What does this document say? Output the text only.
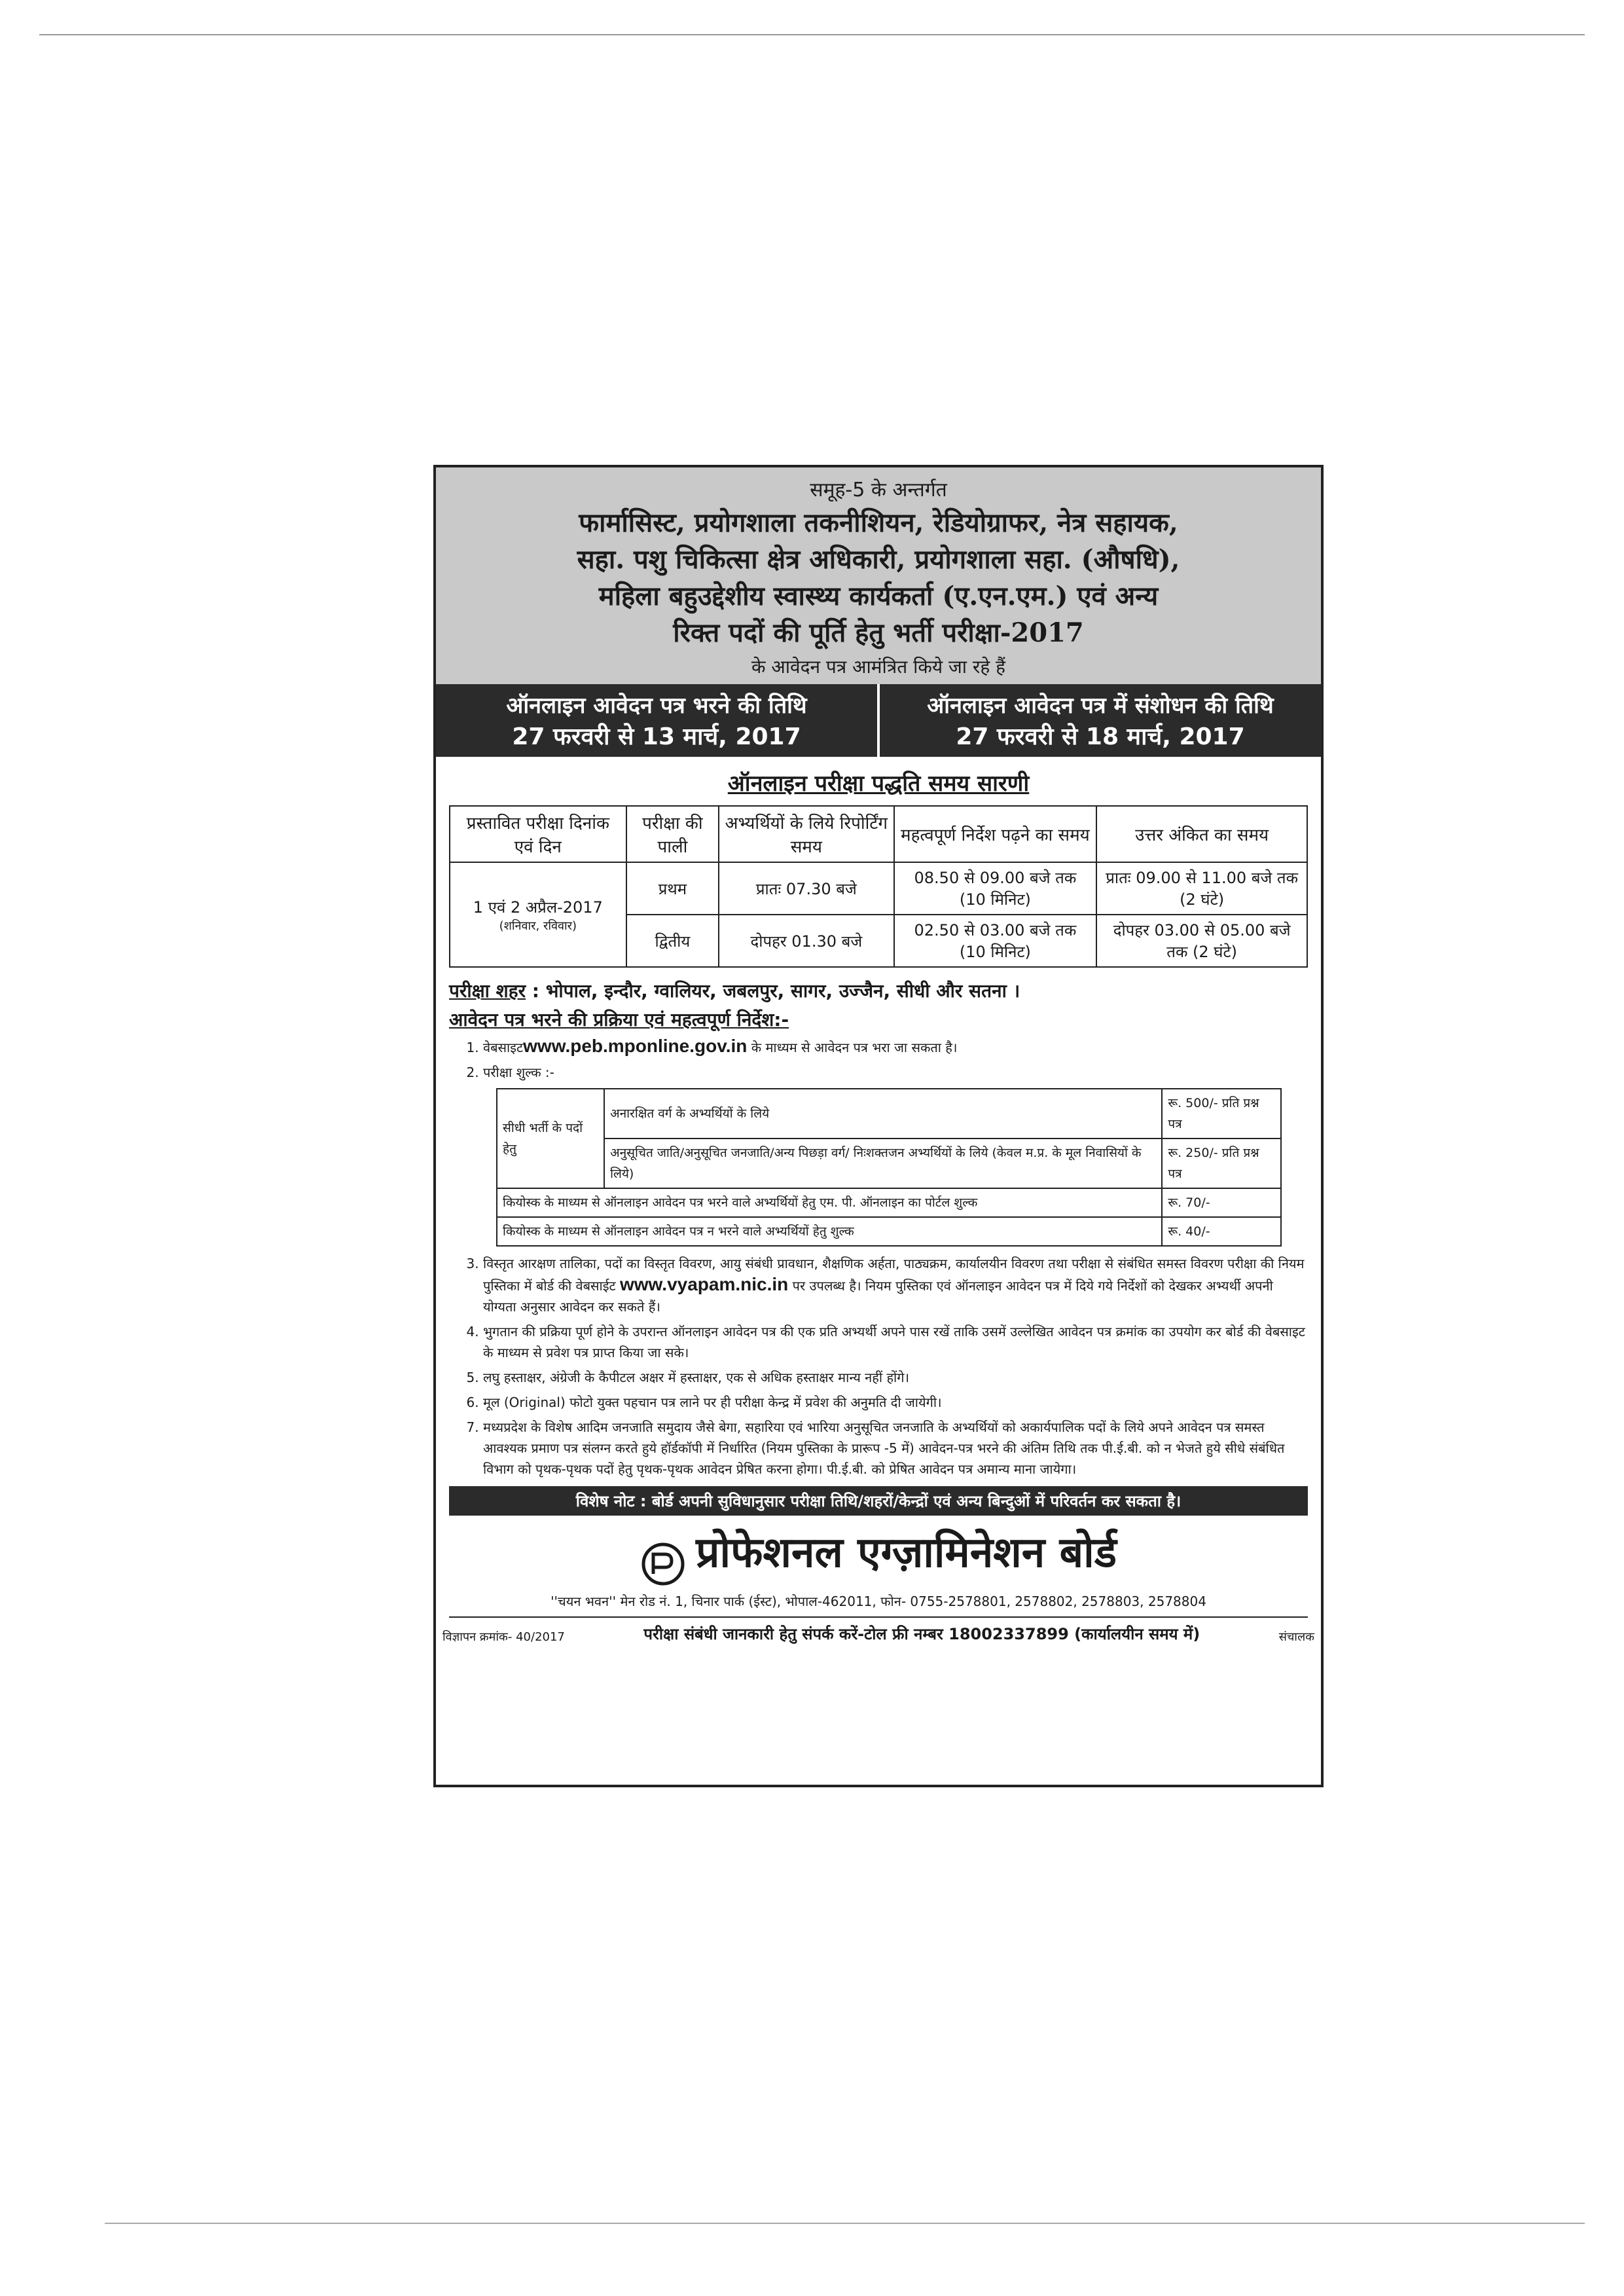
समूह-5 के अन्तर्गत
फार्मासिस्ट, प्रयोगशाला तकनीशियन, रेडियोग्राफर, नेत्र सहायक,
सहा. पशु चिकित्सा क्षेत्र अधिकारी, प्रयोगशाला सहा. (औषधि),
महिला बहुउद्देशीय स्वास्थ्य कार्यकर्ता (ए.एन.एम.) एवं अन्य
रिक्त पदों की पूर्ति हेतु भर्ती परीक्षा-2017
के आवेदन पत्र आमंत्रित किये जा रहे हैं
ऑनलाइन आवेदन पत्र भरने की तिथि
27 फरवरी से 13 मार्च, 2017
ऑनलाइन आवेदन पत्र में संशोधन की तिथि
27 फरवरी से 18 मार्च, 2017
ऑनलाइन परीक्षा पद्धति समय सारणी
प्रस्तावित परीक्षा दिनांक एवं दिन	परीक्षा की पाली	अभ्यर्थियों के लिये रिपोर्टिंग समय	महत्वपूर्ण निर्देश पढ़ने का समय	उत्तर अंकित का समय

1 एवं 2 अप्रैल-2017
(शनिवार, रविवार)	प्रथम	प्रातः 07.30 बजे	08.50 से 09.00 बजे तक (10 मिनिट)	प्रातः 09.00 से 11.00 बजे तक (2 घंटे)
	द्वितीय	दोपहर 01.30 बजे	02.50 से 03.00 बजे तक (10 मिनिट)	दोपहर 03.00 से 05.00 बजे तक (2 घंटे)
परीक्षा शहर : भोपाल, इन्दौर, ग्वालियर, जबलपुर, सागर, उज्जैन, सीधी और सतना ।
आवेदन पत्र भरने की प्रक्रिया एवं महत्वपूर्ण निर्देश:-
1. वेबसाइटwww.peb.mponline.gov.in के माध्यम से आवेदन पत्र भरा जा सकता है।
2. परीक्षा शुल्क :-
सीधी भर्ती के पदों हेतु	अनारक्षित वर्ग के अभ्यर्थियों के लिये	रू. 500/- प्रति प्रश्न पत्र
	अनुसूचित जाति/अनुसूचित जनजाति/अन्य पिछड़ा वर्ग/ निःशक्तजन अभ्यर्थियों के लिये (केवल म.प्र. के मूल निवासियों के लिये)	रू. 250/- प्रति प्रश्न पत्र
कियोस्क के माध्यम से ऑनलाइन आवेदन पत्र भरने वाले अभ्यर्थियों हेतु एम. पी. ऑनलाइन का पोर्टल शुल्क		रू. 70/-
कियोस्क के माध्यम से ऑनलाइन आवेदन पत्र न भरने वाले अभ्यर्थियों हेतु शुल्क		रू. 40/-
3. विस्तृत आरक्षण तालिका, पदों का विस्तृत विवरण, आयु संबंधी प्रावधान, शैक्षणिक अर्हता, पाठ्यक्रम, कार्यालयीन विवरण तथा परीक्षा से संबंधित समस्त विवरण परीक्षा की नियम पुस्तिका में बोर्ड की वेबसाईट www.vyapam.nic.in पर उपलब्ध है। नियम पुस्तिका एवं ऑनलाइन आवेदन पत्र में दिये गये निर्देशों को देखकर अभ्यर्थी अपनी योग्यता अनुसार आवेदन कर सकते हैं।
4. भुगतान की प्रक्रिया पूर्ण होने के उपरान्त ऑनलाइन आवेदन पत्र की एक प्रति अभ्यर्थी अपने पास रखें ताकि उसमें उल्लेखित आवेदन पत्र क्रमांक का उपयोग कर बोर्ड की वेबसाइट के माध्यम से प्रवेश पत्र प्राप्त किया जा सके।
5. लघु हस्ताक्षर, अंग्रेजी के कैपीटल अक्षर में हस्ताक्षर, एक से अधिक हस्ताक्षर मान्य नहीं होंगे।
6. मूल (Original) फोटो युक्त पहचान पत्र लाने पर ही परीक्षा केन्द्र में प्रवेश की अनुमति दी जायेगी।
7. मध्यप्रदेश के विशेष आदिम जनजाति समुदाय जैसे बेगा, सहारिया एवं भारिया अनुसूचित जनजाति के अभ्यर्थियों को अकार्यपालिक पदों के लिये अपने आवेदन पत्र समस्त आवश्यक प्रमाण पत्र संलग्न करते हुये हॉर्डकॉपी में निर्धारित (नियम पुस्तिका के प्रारूप -5 में) आवेदन-पत्र भरने की अंतिम तिथि तक पी.ई.बी. को न भेजते हुये सीधे संबंधित विभाग को पृथक-पृथक पदों हेतु पृथक-पृथक आवेदन प्रेषित करना होगा। पी.ई.बी. को प्रेषित आवेदन पत्र अमान्य माना जायेगा।
विशेष नोट : बोर्ड अपनी सुविधानुसार परीक्षा तिथि/शहरों/केन्द्रों एवं अन्य बिन्दुओं में परिवर्तन कर सकता है।
प्रोफेशनल एग्ज़ामिनेशन बोर्ड
''चयन भवन'' मेन रोड नं. 1, चिनार पार्क (ईस्ट), भोपाल-462011, फोन- 0755-2578801, 2578802, 2578803, 2578804
विज्ञापन क्रमांक- 40/2017	परीक्षा संबंधी जानकारी हेतु संपर्क करें-टोल फ्री नम्बर 18002337899 (कार्यालयीन समय में)	संचालक
